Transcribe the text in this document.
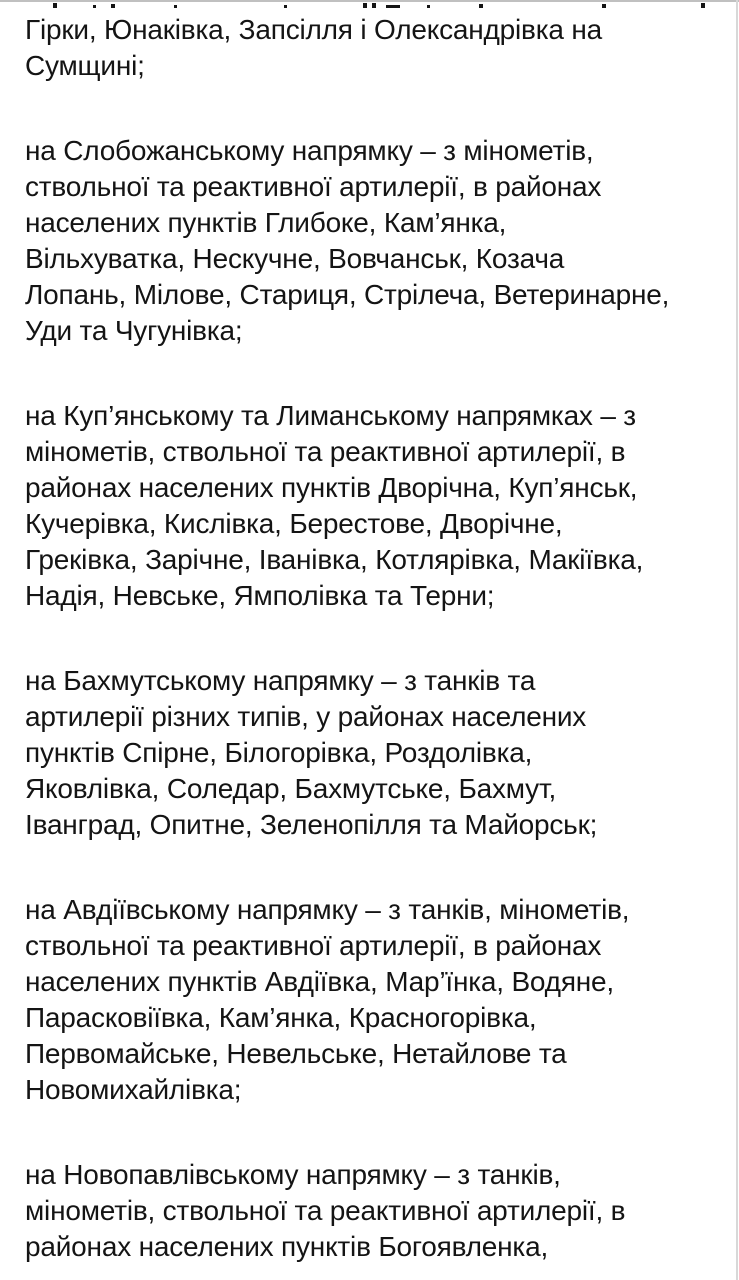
Гірки, Юнаківка, Запсілля і Олександрівка на
Сумщині;
на Слобожанському напрямку – з мінометів,
ствольної та реактивної артилерії, в районах
населених пунктів Глибоке, Кам’янка,
Вільхуватка, Нескучне, Вовчанськ, Козача
Лопань, Мілове, Стариця, Стрілеча, Ветеринарне,
Уди та Чугунівка;
на Куп’янському та Лиманському напрямках – з
мінометів, ствольної та реактивної артилерії, в
районах населених пунктів Дворічна, Куп’янськ,
Кучерівка, Кислівка, Берестове, Дворічне,
Греківка, Зарічне, Іванівка, Котлярівка, Макіївка,
Надія, Невське, Ямполівка та Терни;
на Бахмутському напрямку – з танків та
артилерії різних типів, у районах населених
пунктів Спірне, Білогорівка, Роздолівка,
Яковлівка, Соледар, Бахмутське, Бахмут,
Іванград, Опитне, Зеленопілля та Майорськ;
на Авдіївському напрямку – з танків, мінометів,
ствольної та реактивної артилерії, в районах
населених пунктів Авдіївка, Мар’їнка, Водяне,
Парасковіївка, Кам’янка, Красногорівка,
Первомайське, Невельське, Нетайлове та
Новомихайлівка;
на Новопавлівському напрямку – з танків,
мінометів, ствольної та реактивної артилерії, в
районах населених пунктів Богоявленка,
